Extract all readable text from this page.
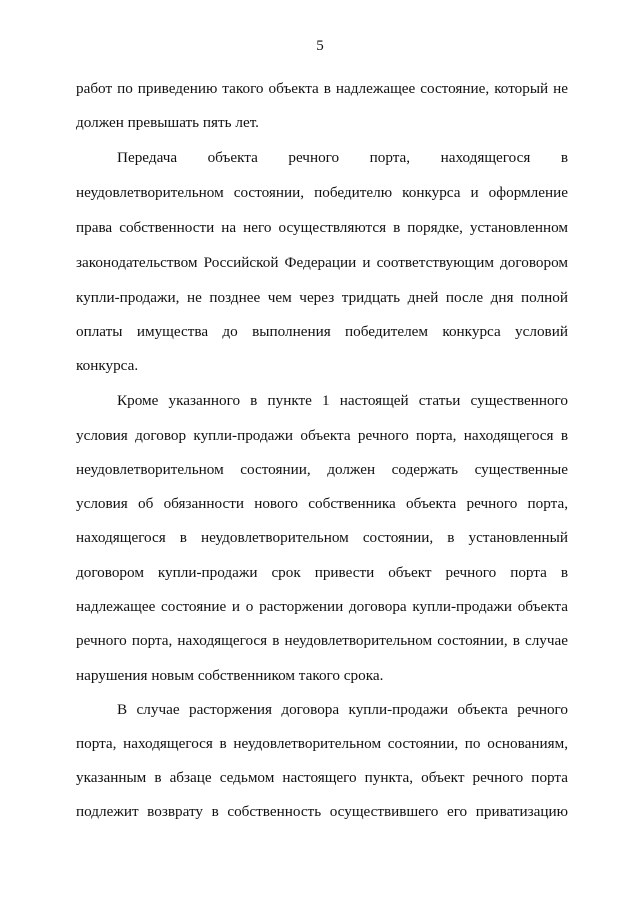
5
работ по приведению такого объекта в надлежащее состояние, который не
должен превышать пять лет.
Передача объекта речного порта, находящегося в
неудовлетворительном состоянии, победителю конкурса и оформление
права собственности на него осуществляются в порядке, установленном
законодательством Российской Федерации и соответствующим договором
купли-продажи, не позднее чем через тридцать дней после дня полной
оплаты имущества до выполнения победителем конкурса условий
конкурса.
Кроме указанного в пункте 1 настоящей статьи существенного
условия договор купли-продажи объекта речного порта, находящегося в
неудовлетворительном состоянии, должен содержать существенные
условия об обязанности нового собственника объекта речного порта,
находящегося в неудовлетворительном состоянии, в установленный
договором купли-продажи срок привести объект речного порта в
надлежащее состояние и о расторжении договора купли-продажи объекта
речного порта, находящегося в неудовлетворительном состоянии, в случае
нарушения новым собственником такого срока.
В случае расторжения договора купли-продажи объекта речного
порта, находящегося в неудовлетворительном состоянии, по основаниям,
указанным в абзаце седьмом настоящего пункта, объект речного порта
подлежит возврату в собственность осуществившего его приватизацию
